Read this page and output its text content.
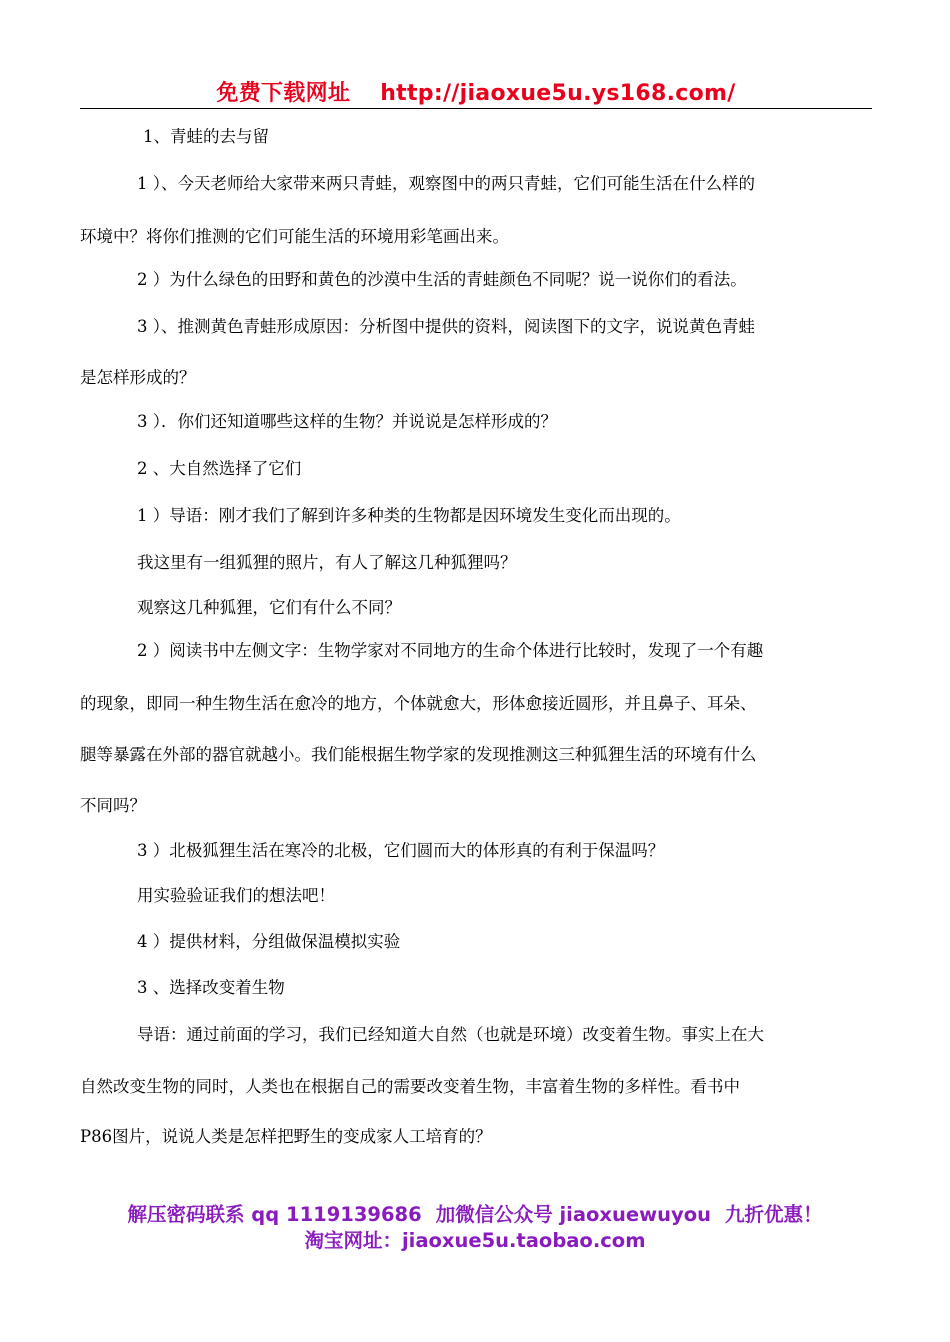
免费下载网址 http://jiaoxue5u.ys168.com/
1、青蛙的去与留
1 ）、今天老师给大家带来两只青蛙，观察图中的两只青蛙，它们可能生活在什么样的
环境中？将你们推测的它们可能生活的环境用彩笔画出来。
2 ）为什么绿色的田野和黄色的沙漠中生活的青蛙颜色不同呢？说一说你们的看法。
3 ）、推测黄色青蛙形成原因：分析图中提供的资料，阅读图下的文字，说说黄色青蛙
是怎样形成的？
3 ）．你们还知道哪些这样的生物？并说说是怎样形成的？
2 、大自然选择了它们
1 ）导语：刚才我们了解到许多种类的生物都是因环境发生变化而出现的。
我这里有一组狐狸的照片，有人了解这几种狐狸吗？
观察这几种狐狸，它们有什么不同？
2 ）阅读书中左侧文字：生物学家对不同地方的生命个体进行比较时，发现了一个有趣
的现象，即同一种生物生活在愈冷的地方，个体就愈大，形体愈接近圆形，并且鼻子、耳朵、
腿等暴露在外部的器官就越小。我们能根据生物学家的发现推测这三种狐狸生活的环境有什么
不同吗？
3 ）北极狐狸生活在寒冷的北极，它们圆而大的体形真的有利于保温吗？
用实验验证我们的想法吧！
4 ）提供材料，分组做保温模拟实验
3 、选择改变着生物
导语：通过前面的学习，我们已经知道大自然（也就是环境）改变着生物。事实上在大
自然改变生物的同时，人类也在根据自己的需要改变着生物，丰富着生物的多样性。看书中
P86图片，说说人类是怎样把野生的变成家人工培育的？
解压密码联系 qq 1119139686 加微信公众号 jiaoxuewuyou 九折优惠！
淘宝网址：jiaoxue5u.taobao.com
